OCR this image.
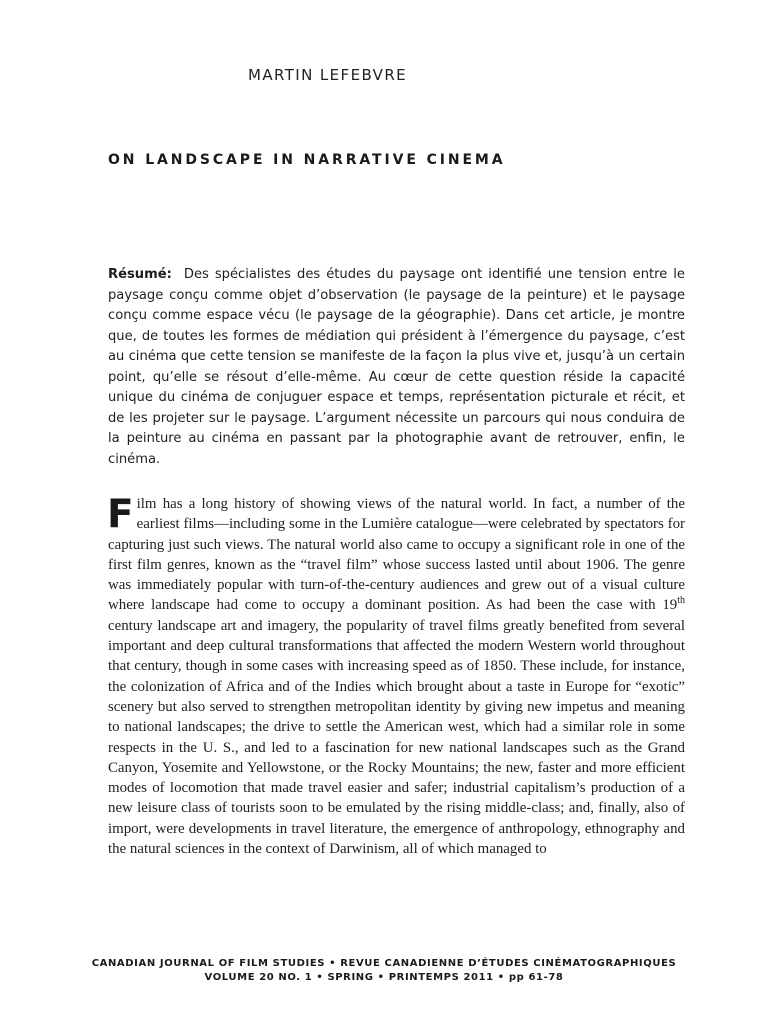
MARTIN LEFEBVRE
ON LANDSCAPE IN NARRATIVE CINEMA
Résumé: Des spécialistes des études du paysage ont identifié une tension entre le paysage conçu comme objet d’observation (le paysage de la peinture) et le paysage conçu comme espace vécu (le paysage de la géographie). Dans cet article, je montre que, de toutes les formes de médiation qui président à l’émergence du paysage, c’est au cinéma que cette tension se manifeste de la façon la plus vive et, jusqu’à un certain point, qu’elle se résout d’elle-même. Au cœur de cette question réside la capacité unique du cinéma de conjuguer espace et temps, représentation picturale et récit, et de les projeter sur le paysage. L’argument nécessite un parcours qui nous conduira de la peinture au cinéma en passant par la photographie avant de retrouver, enfin, le cinéma.
Film has a long history of showing views of the natural world. In fact, a number of the earliest films—including some in the Lumière catalogue—were celebrated by spectators for capturing just such views. The natural world also came to occupy a significant role in one of the first film genres, known as the “travel film” whose success lasted until about 1906. The genre was immediately popular with turn-of-the-century audiences and grew out of a visual culture where landscape had come to occupy a dominant position. As had been the case with 19th century landscape art and imagery, the popularity of travel films greatly benefited from several important and deep cultural transformations that affected the modern Western world throughout that century, though in some cases with increasing speed as of 1850. These include, for instance, the colonization of Africa and of the Indies which brought about a taste in Europe for “exotic” scenery but also served to strengthen metropolitan identity by giving new impetus and meaning to national landscapes; the drive to settle the American west, which had a similar role in some respects in the U. S., and led to a fascination for new national landscapes such as the Grand Canyon, Yosemite and Yellowstone, or the Rocky Mountains; the new, faster and more efficient modes of locomotion that made travel easier and safer; industrial capitalism’s production of a new leisure class of tourists soon to be emulated by the rising middle-class; and, finally, also of import, were developments in travel literature, the emergence of anthropology, ethnography and the natural sciences in the context of Darwinism, all of which managed to
CANADIAN JOURNAL OF FILM STUDIES • REVUE CANADIENNE D’ÉTUDES CINÉMATOGRAPHIQUES
VOLUME 20 NO. 1 • SPRING • PRINTEMPS 2011 • pp 61-78
